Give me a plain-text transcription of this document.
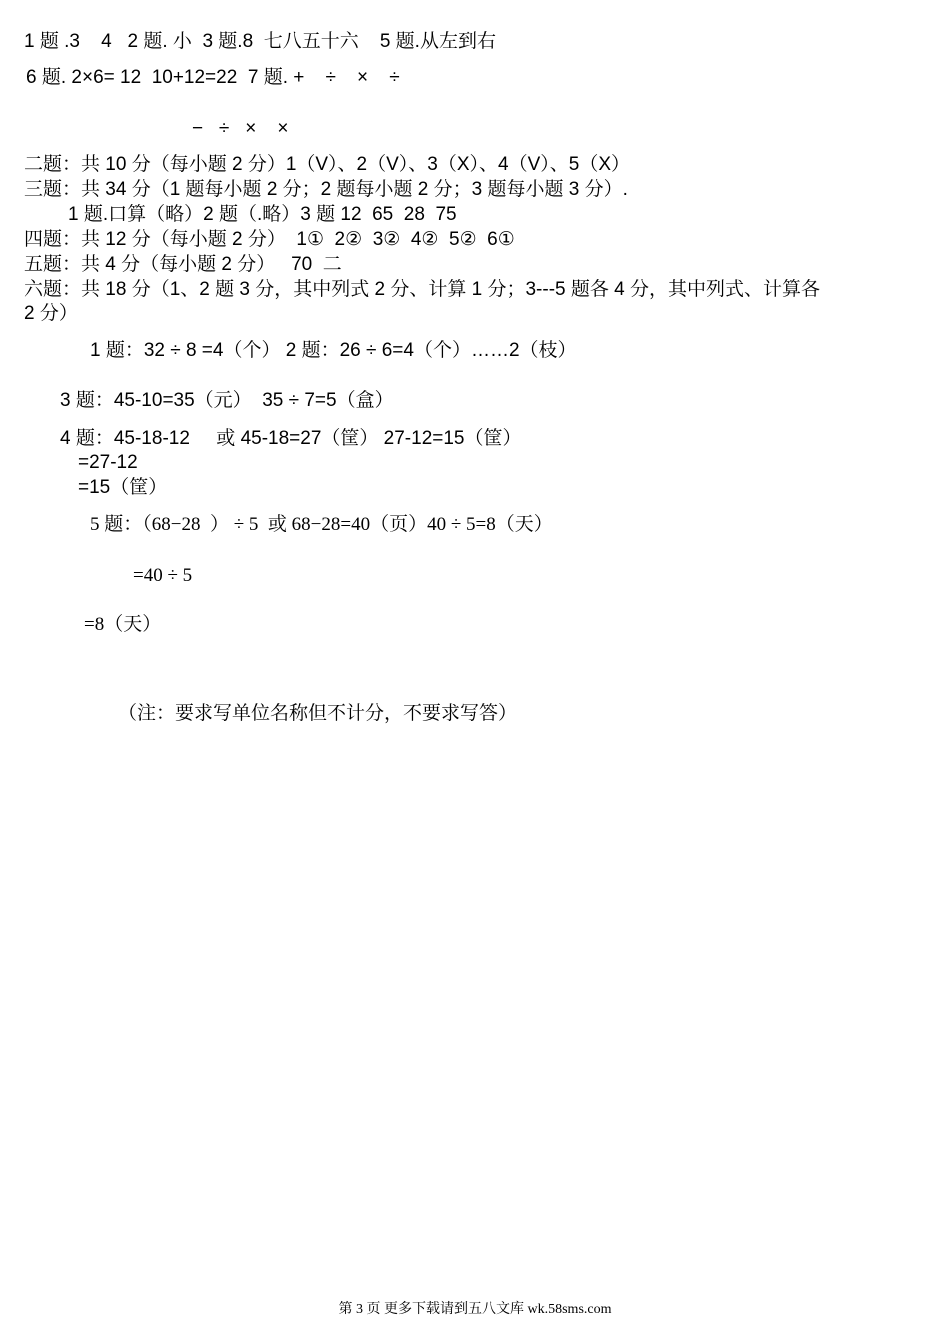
1 题 .3    4   2 题. 小  3 题.8  七八五十六    5 题.从左到右
6 题. 2×6= 12  10+12=22  7 题. +    ÷    ×    ÷
−   ÷   ×    ×
二题：共 10 分（每小题 2 分）1（V）、2（V）、3（X）、4（V）、5（X）
三题：共 34 分（1 题每小题 2 分；2 题每小题 2 分；3 题每小题 3 分）.
1 题.口算（略）2 题（.略）3 题 12  65  28  75
四题：共 12 分（每小题 2 分）  1①  2②  3②  4②  5②  6①
五题：共 4 分（每小题 2 分）   70  二
六题：共 18 分（1、2 题 3 分，其中列式 2 分、计算 1 分；3---5 题各 4 分，其中列式、计算各
2 分）
1 题：32 ÷ 8 =4（个） 2 题：26 ÷ 6=4（个）……2（枝）
3 题：45-10=35（元）  35 ÷ 7=5（盒）
4 题：45-18-12     或 45-18=27（筐） 27-12=15（筐）
=27-12
=15（筐）
5 题：（68−28  ） ÷ 5  或 68−28=40（页）40 ÷ 5=8（天）
=40 ÷ 5
=8（天）
（注：要求写单位名称但不计分，不要求写答）
第 3 页 更多下载请到五八文库 wk.58sms.com
